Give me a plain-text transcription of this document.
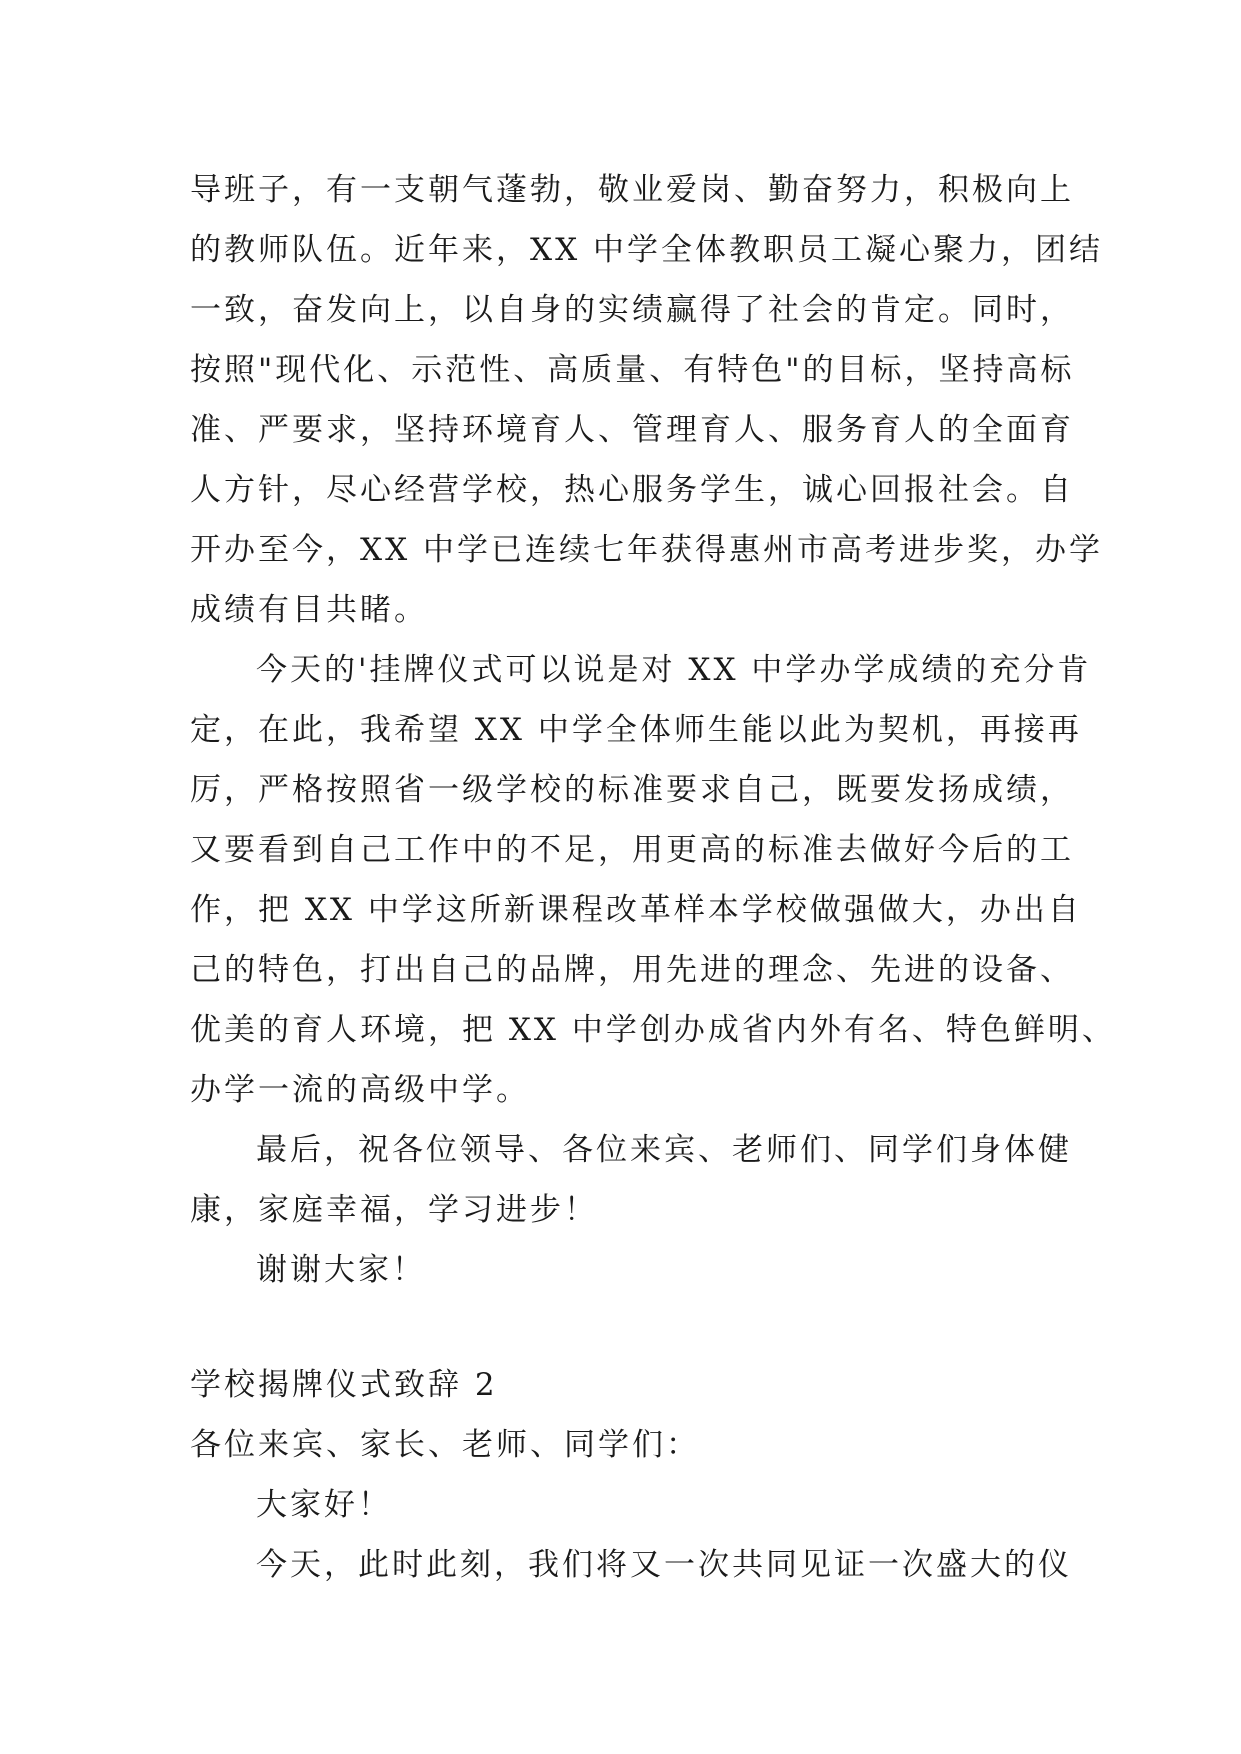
导班子，有一支朝气蓬勃，敬业爱岗、勤奋努力，积极向上
的教师队伍。近年来，XX 中学全体教职员工凝心聚力，团结
一致，奋发向上，以自身的实绩赢得了社会的肯定。同时，
按照"现代化、示范性、高质量、有特色"的目标，坚持高标
准、严要求，坚持环境育人、管理育人、服务育人的全面育
人方针，尽心经营学校，热心服务学生，诚心回报社会。自
开办至今，XX 中学已连续七年获得惠州市高考进步奖，办学
成绩有目共睹。
今天的'挂牌仪式可以说是对 XX 中学办学成绩的充分肯
定，在此，我希望 XX 中学全体师生能以此为契机，再接再
厉，严格按照省一级学校的标准要求自己，既要发扬成绩，
又要看到自己工作中的不足，用更高的标准去做好今后的工
作，把 XX 中学这所新课程改革样本学校做强做大，办出自
己的特色，打出自己的品牌，用先进的理念、先进的设备、
优美的育人环境，把 XX 中学创办成省内外有名、特色鲜明、
办学一流的高级中学。
最后，祝各位领导、各位来宾、老师们、同学们身体健
康，家庭幸福，学习进步！
谢谢大家！
学校揭牌仪式致辞 2
各位来宾、家长、老师、同学们：
大家好！
今天，此时此刻，我们将又一次共同见证一次盛大的仪
